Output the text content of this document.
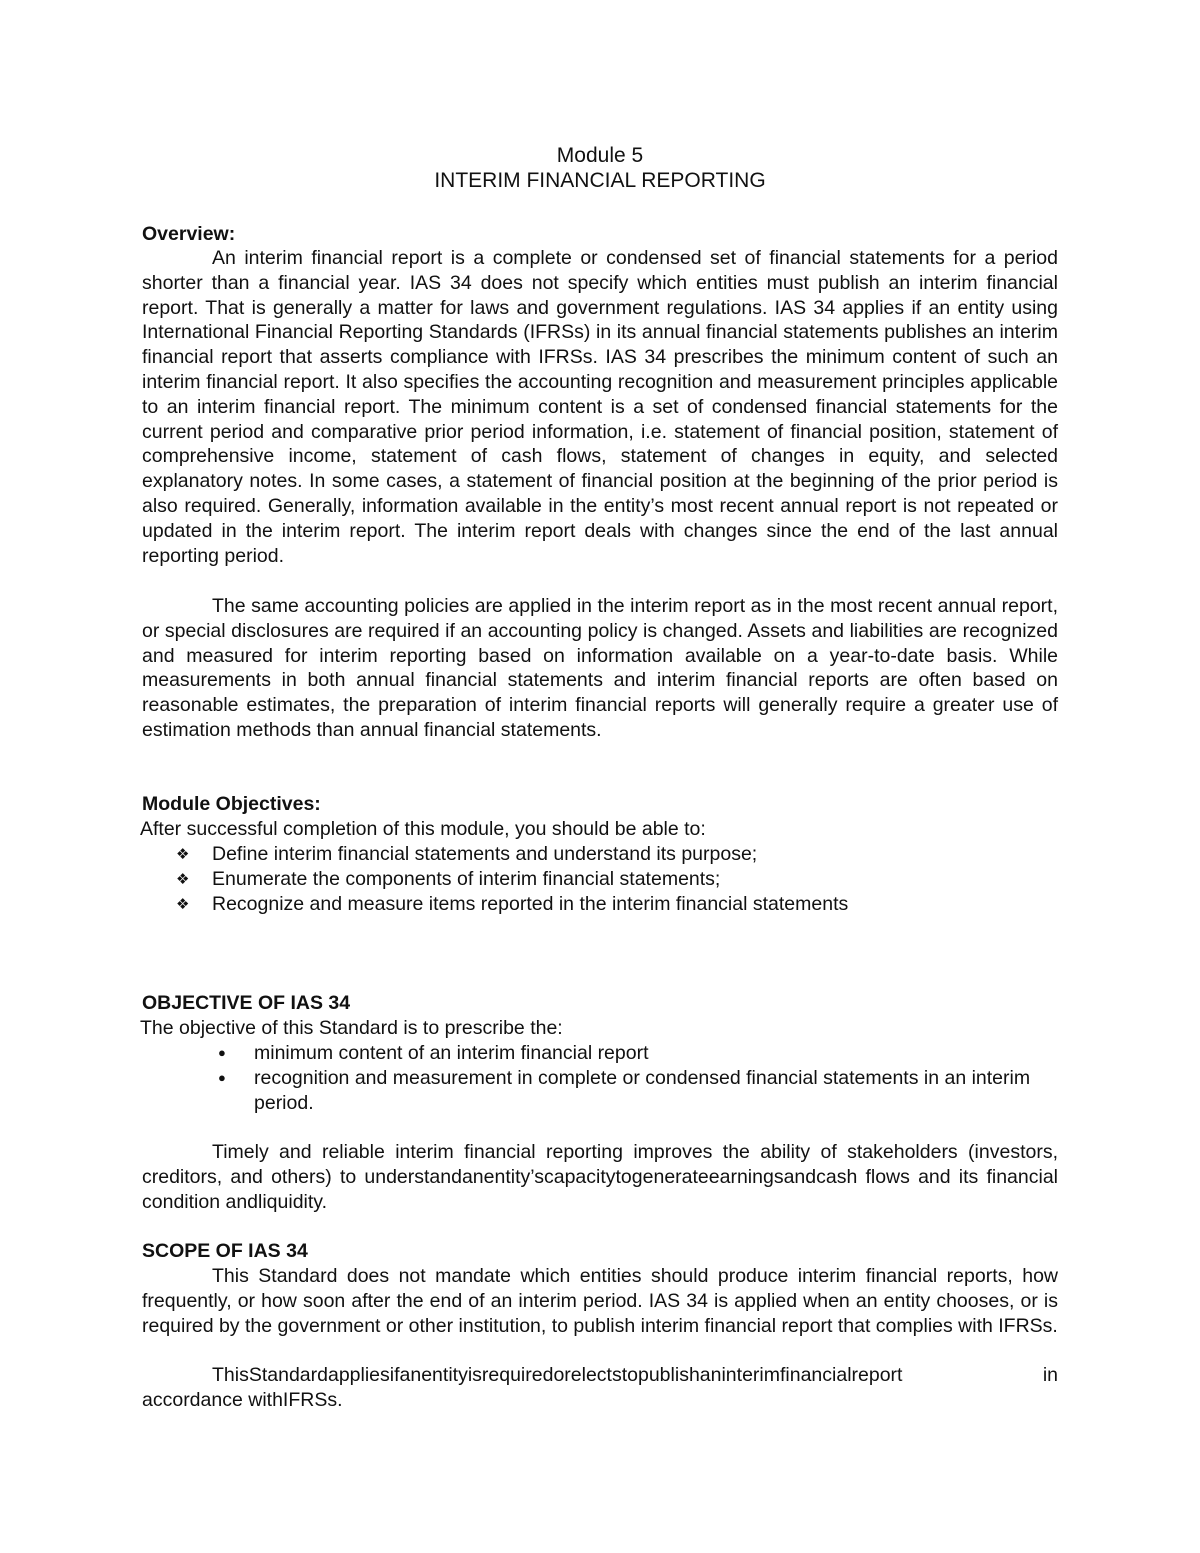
Module 5
INTERIM FINANCIAL REPORTING
Overview:

An interim financial report is a complete or condensed set of financial statements for a period shorter than a financial year. IAS 34 does not specify which entities must publish an interim financial report. That is generally a matter for laws and government regulations. IAS 34 applies if an entity using International Financial Reporting Standards (IFRSs) in its annual financial statements publishes an interim financial report that asserts compliance with IFRSs. IAS 34 prescribes the minimum content of such an interim financial report. It also specifies the accounting recognition and measurement principles applicable to an interim financial report. The minimum content is a set of condensed financial statements for the current period and comparative prior period information, i.e. statement of financial position, statement of comprehensive income, statement of cash flows, statement of changes in equity, and selected explanatory notes. In some cases, a statement of financial position at the beginning of the prior period is also required. Generally, information available in the entity’s most recent annual report is not repeated or updated in the interim report. The interim report deals with changes since the end of the last annual reporting period.

The same accounting policies are applied in the interim report as in the most recent annual report, or special disclosures are required if an accounting policy is changed. Assets and liabilities are recognized and measured for interim reporting based on information available on a year-to-date basis. While measurements in both annual financial statements and interim financial reports are often based on reasonable estimates, the preparation of interim financial reports will generally require a greater use of estimation methods than annual financial statements.

Module Objectives:

After successful completion of this module, you should be able to:

❖	Define interim financial statements and understand its purpose;
❖	Enumerate the components of interim financial statements;
❖	Recognize and measure items reported in the interim financial statements
OBJECTIVE OF IAS 34

The objective of this Standard is to prescribe the:

●	minimum content of an interim financial report
●	recognition and measurement in complete or condensed financial statements in an interim period.

Timely and reliable interim financial reporting improves the ability of stakeholders (investors, creditors, and others) to understandanentity’scapacitytogenerateearningsandcash flows and its financial condition andliquidity.

SCOPE OF IAS 34

This Standard does not mandate which entities should produce interim financial reports, how frequently, or how soon after the end of an interim period. IAS 34 is applied when an entity chooses, or is required by the government or other institution, to publish interim financial report that complies with IFRSs.

ThisStandardappliesifanentityisrequiredorelectstopublishaninterimfinancialreport	in
accordance withIFRSs.
